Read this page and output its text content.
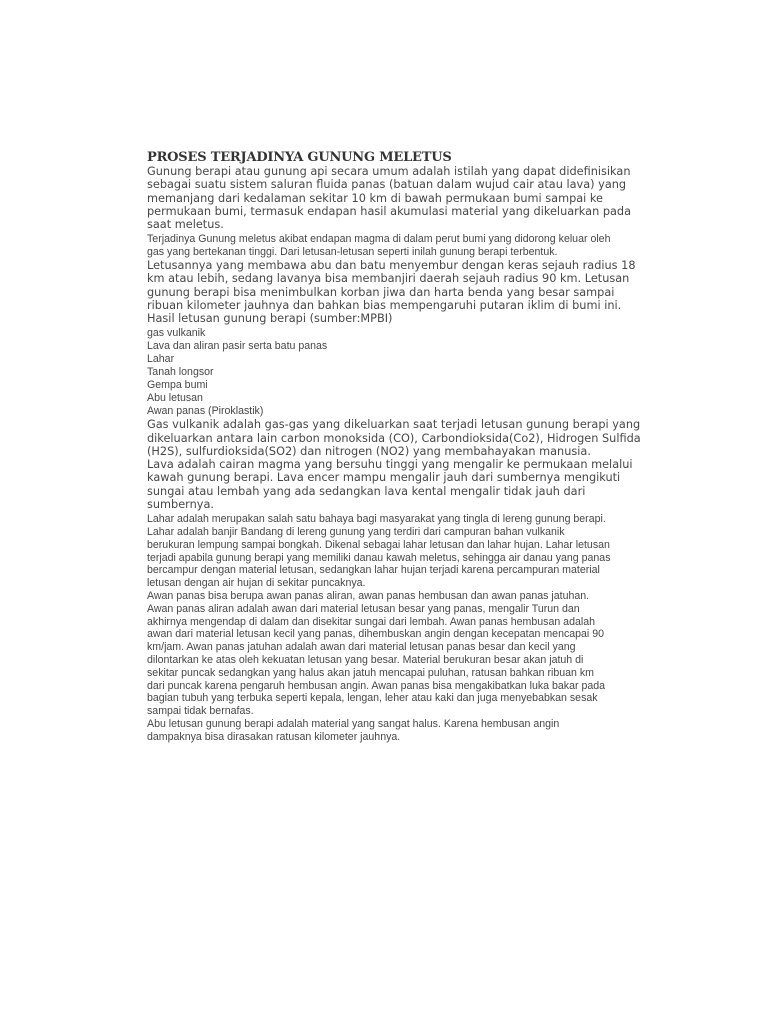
PROSES TERJADINYA GUNUNG MELETUS

Gunung berapi atau gunung api secara umum adalah istilah yang dapat didefinisikan
sebagai suatu sistem saluran fluida panas (batuan dalam wujud cair atau lava) yang
memanjang dari kedalaman sekitar 10 km di bawah permukaan bumi sampai ke
permukaan bumi, termasuk endapan hasil akumulasi material yang dikeluarkan pada
saat meletus.

Terjadinya Gunung meletus akibat endapan magma di dalam perut bumi yang didorong keluar oleh
gas yang bertekanan tinggi. Dari letusan-letusan seperti inilah gunung berapi terbentuk.

Letusannya yang membawa abu dan batu menyembur dengan keras sejauh radius 18
km atau lebih, sedang lavanya bisa membanjiri daerah sejauh radius 90 km. Letusan
gunung berapi bisa menimbulkan korban jiwa dan harta benda yang besar sampai
ribuan kilometer jauhnya dan bahkan bias mempengaruhi putaran iklim di bumi ini.
Hasil letusan gunung berapi (sumber:MPBI)

gas vulkanik
Lava dan aliran pasir serta batu panas
Lahar
Tanah longsor
Gempa bumi
Abu letusan
Awan panas (Piroklastik)

Gas vulkanik adalah gas-gas yang dikeluarkan saat terjadi letusan gunung berapi yang
dikeluarkan antara lain carbon monoksida (CO), Carbondioksida(Co2), Hidrogen Sulfida
(H2S), sulfurdioksida(SO2) dan nitrogen (NO2) yang membahayakan manusia.

Lava adalah cairan magma yang bersuhu tinggi yang mengalir ke permukaan melalui
kawah gunung berapi. Lava encer mampu mengalir jauh dari sumbernya mengikuti
sungai atau lembah yang ada sedangkan lava kental mengalir tidak jauh dari
sumbernya.

Lahar adalah merupakan salah satu bahaya bagi masyarakat yang tingla di lereng gunung berapi.
Lahar adalah banjir Bandang di lereng gunung yang terdiri dari campuran bahan vulkanik
berukuran lempung sampai bongkah. Dikenal sebagai lahar letusan dan lahar hujan. Lahar letusan
terjadi apabila gunung berapi yang memiliki danau kawah meletus, sehingga air danau yang panas
bercampur dengan material letusan, sedangkan lahar hujan terjadi karena percampuran material
letusan dengan air hujan di sekitar puncaknya.

Awan panas bisa berupa awan panas aliran, awan panas hembusan dan awan panas jatuhan.
Awan panas aliran adalah awan dari material letusan besar yang panas, mengalir Turun dan
akhirnya mengendap di dalam dan disekitar sungai dari lembah. Awan panas hembusan adalah
awan dari material letusan kecil yang panas, dihembuskan angin dengan kecepatan mencapai 90
km/jam. Awan panas jatuhan adalah awan dari material letusan panas besar dan kecil yang
dilontarkan ke atas oleh kekuatan letusan yang besar. Material berukuran besar akan jatuh di
sekitar puncak sedangkan yang halus akan jatuh mencapai puluhan, ratusan bahkan ribuan km
dari puncak karena pengaruh hembusan angin. Awan panas bisa mengakibatkan luka bakar pada
bagian tubuh yang terbuka seperti kepala, lengan, leher atau kaki dan juga menyebabkan sesak
sampai tidak bernafas.

Abu letusan gunung berapi adalah material yang sangat halus. Karena hembusan angin
dampaknya bisa dirasakan ratusan kilometer jauhnya.
